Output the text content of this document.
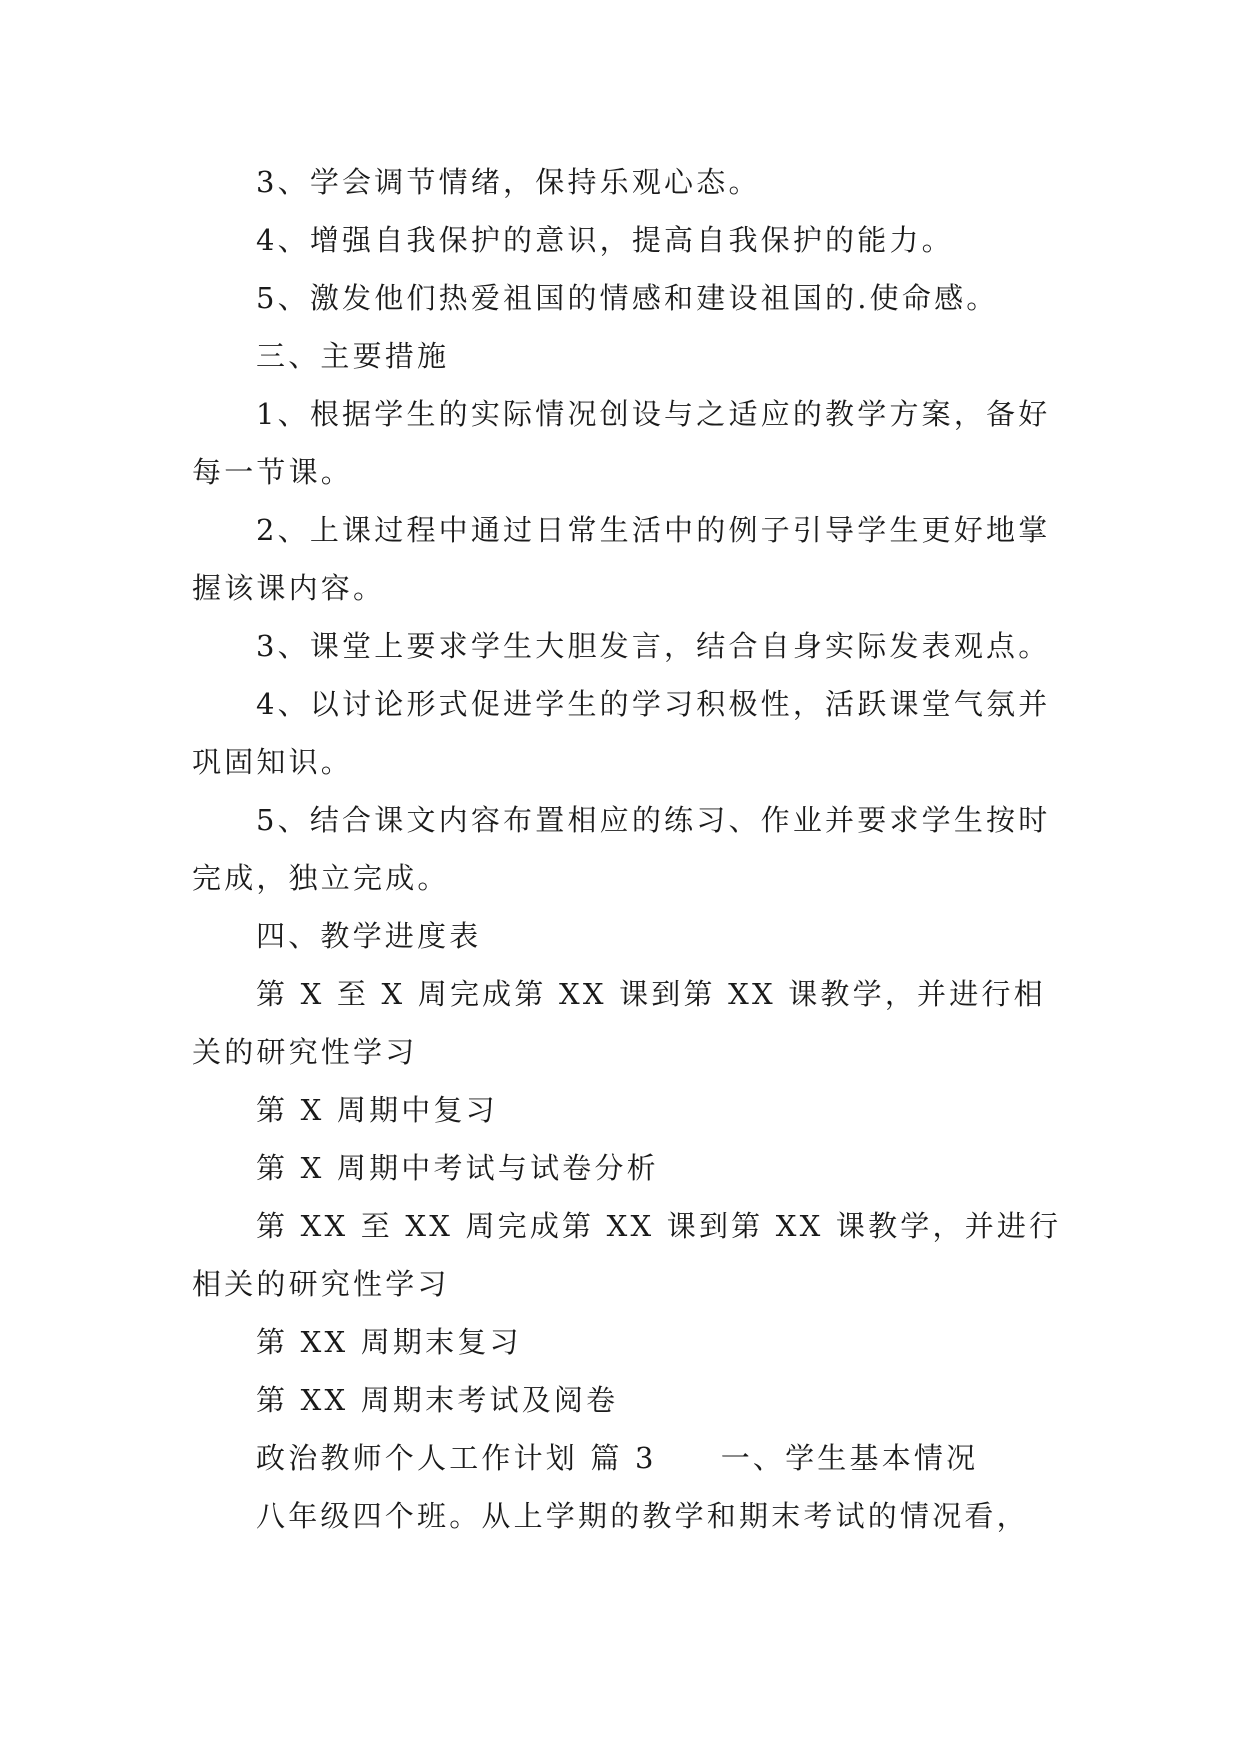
3、学会调节情绪，保持乐观心态。

4、增强自我保护的意识，提高自我保护的能力。

5、激发他们热爱祖国的情感和建设祖国的.使命感。

三、主要措施

1、根据学生的实际情况创设与之适应的教学方案，备好每一节课。

2、上课过程中通过日常生活中的例子引导学生更好地掌握该课内容。

3、课堂上要求学生大胆发言，结合自身实际发表观点。

4、以讨论形式促进学生的学习积极性，活跃课堂气氛并巩固知识。

5、结合课文内容布置相应的练习、作业并要求学生按时完成，独立完成。

四、教学进度表

第 X 至 X 周完成第 XX 课到第 XX 课教学，并进行相关的研究性学习

第 X 周期中复习

第 X 周期中考试与试卷分析

第 XX 至 XX 周完成第 XX 课到第 XX 课教学，并进行相关的研究性学习

第 XX 周期末复习

第 XX 周期末考试及阅卷

政治教师个人工作计划 篇 3 一、学生基本情况

八年级四个班。从上学期的教学和期末考试的情况看，
